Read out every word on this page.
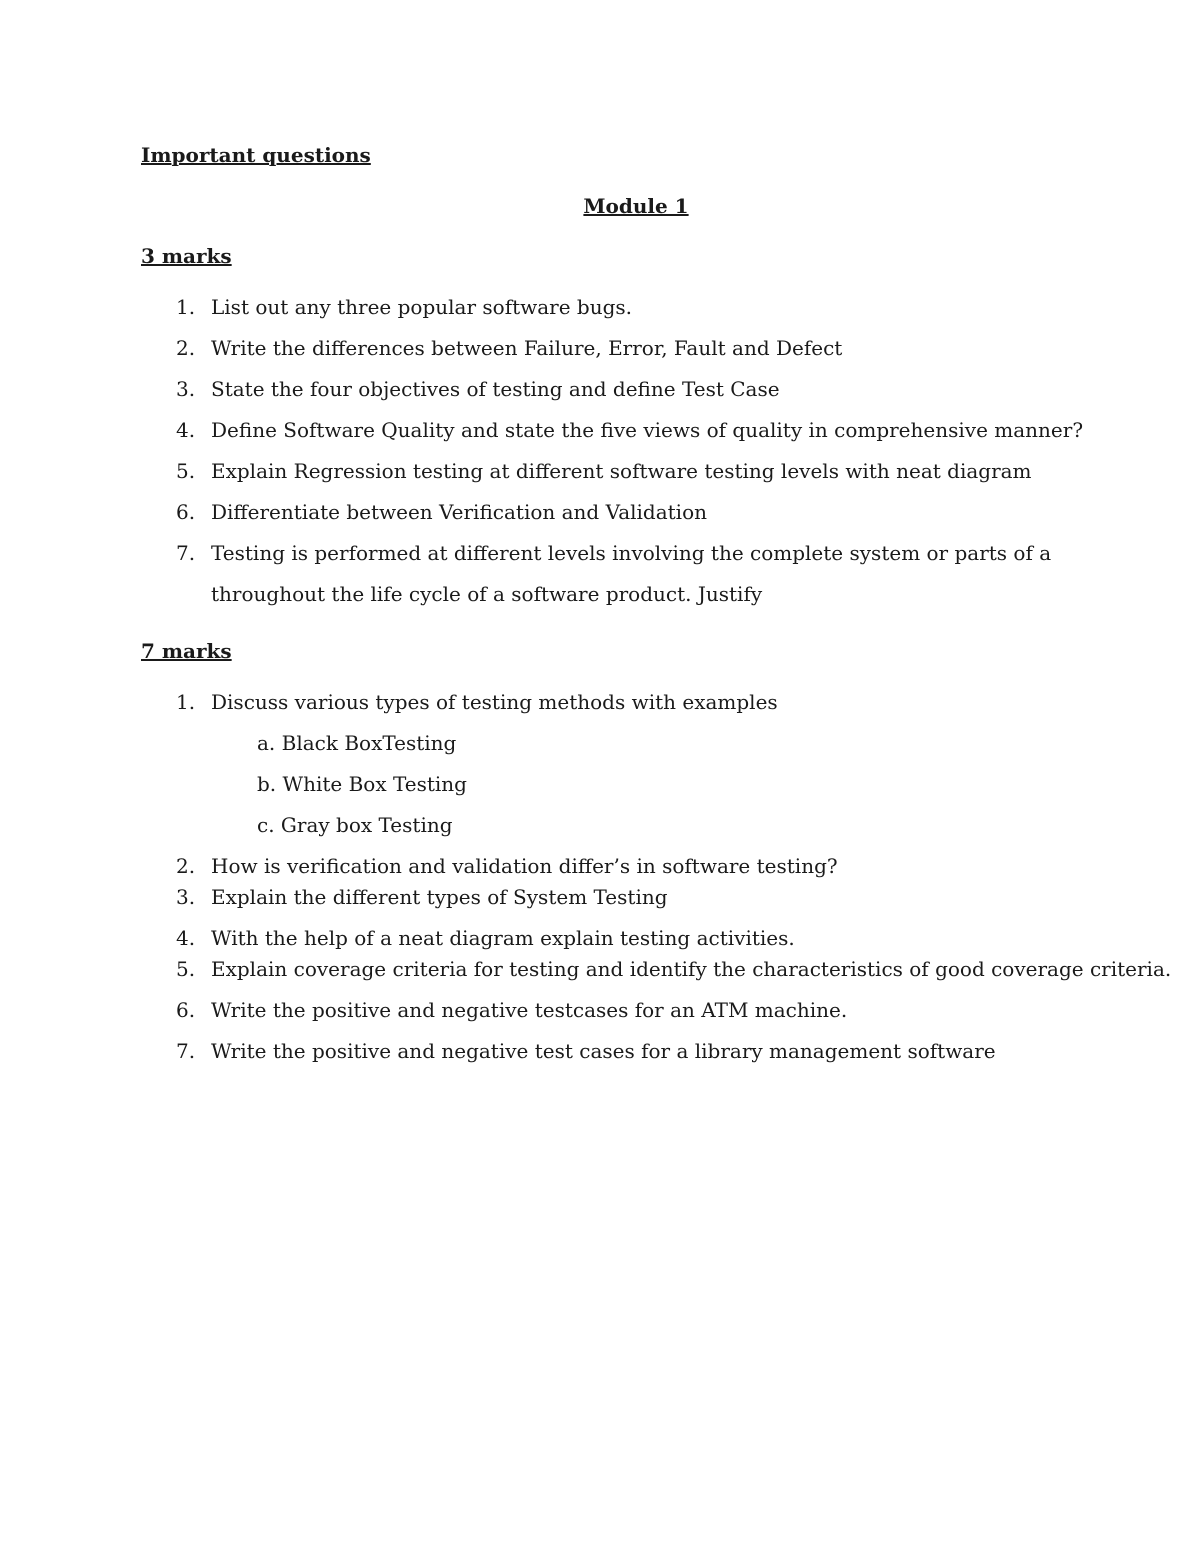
Important questions

Module 1

3 marks

1. List out any three popular software bugs.
2. Write the differences between Failure, Error, Fault and Defect
3. State the four objectives of testing and define Test Case
4. Define Software Quality and state the five views of quality in comprehensive manner?
5. Explain Regression testing at different software testing levels with neat diagram
6. Differentiate between Verification and Validation
7. Testing is performed at different levels involving the complete system or parts of a throughout the life cycle of a software product. Justify

7 marks

1. Discuss various types of testing methods with examples
a. Black BoxTesting
b. White Box Testing
c. Gray box Testing
2. How is verification and validation differ’s in software testing?
3. Explain the different types of System Testing
4. With the help of a neat diagram explain testing activities.
5. Explain coverage criteria for testing and identify the characteristics of good coverage criteria.
6. Write the positive and negative testcases for an ATM machine.
7. Write the positive and negative test cases for a library management software
